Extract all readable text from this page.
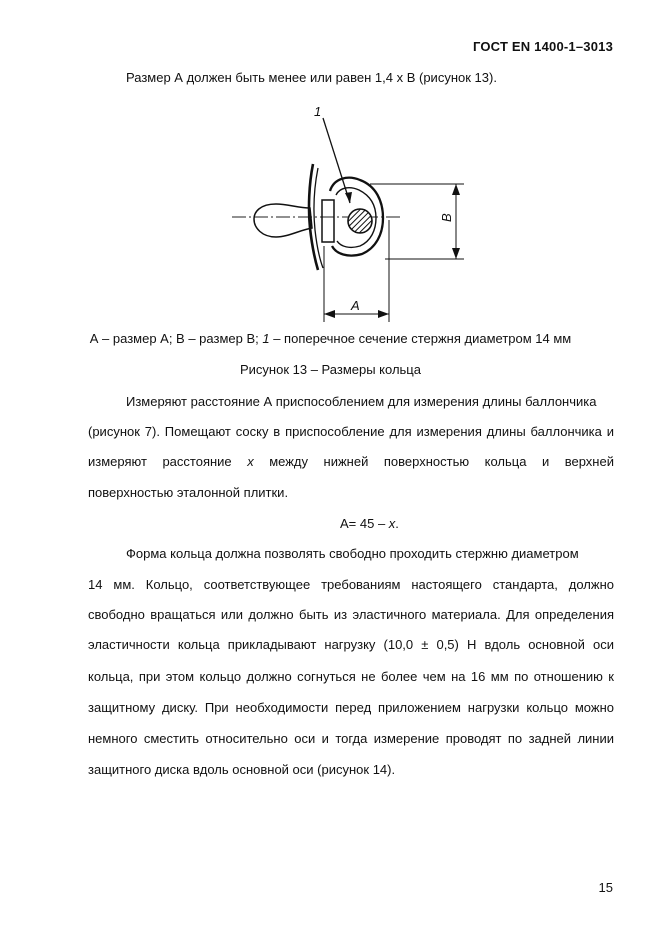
ГОСТ EN 1400-1–3013
Размер А должен быть менее или равен 1,4 х В (рисунок 13).
1
B
A
А – размер А; В – размер В; 1 – поперечное сечение стержня диаметром 14 мм
Рисунок 13 – Размеры кольца
Измеряют расстояние А приспособлением для измерения длины баллончика
(рисунок 7). Помещают соску в приспособление для измерения длины баллончика и
измеряют расстояние х между нижней поверхностью кольца и верхней
поверхностью эталонной плитки.
А= 45 – x.
Форма кольца должна позволять свободно проходить стержню диаметром
14 мм. Кольцо, соответствующее требованиям настоящего стандарта, должно
свободно вращаться или должно быть из эластичного материала. Для определения
эластичности кольца прикладывают нагрузку (10,0 ± 0,5) Н вдоль основной оси
кольца, при этом кольцо должно согнуться не более чем на 16 мм по отношению к
защитному диску. При необходимости перед приложением нагрузки кольцо можно
немного сместить относительно оси и тогда измерение проводят по задней линии
защитного диска вдоль основной оси (рисунок 14).
15
